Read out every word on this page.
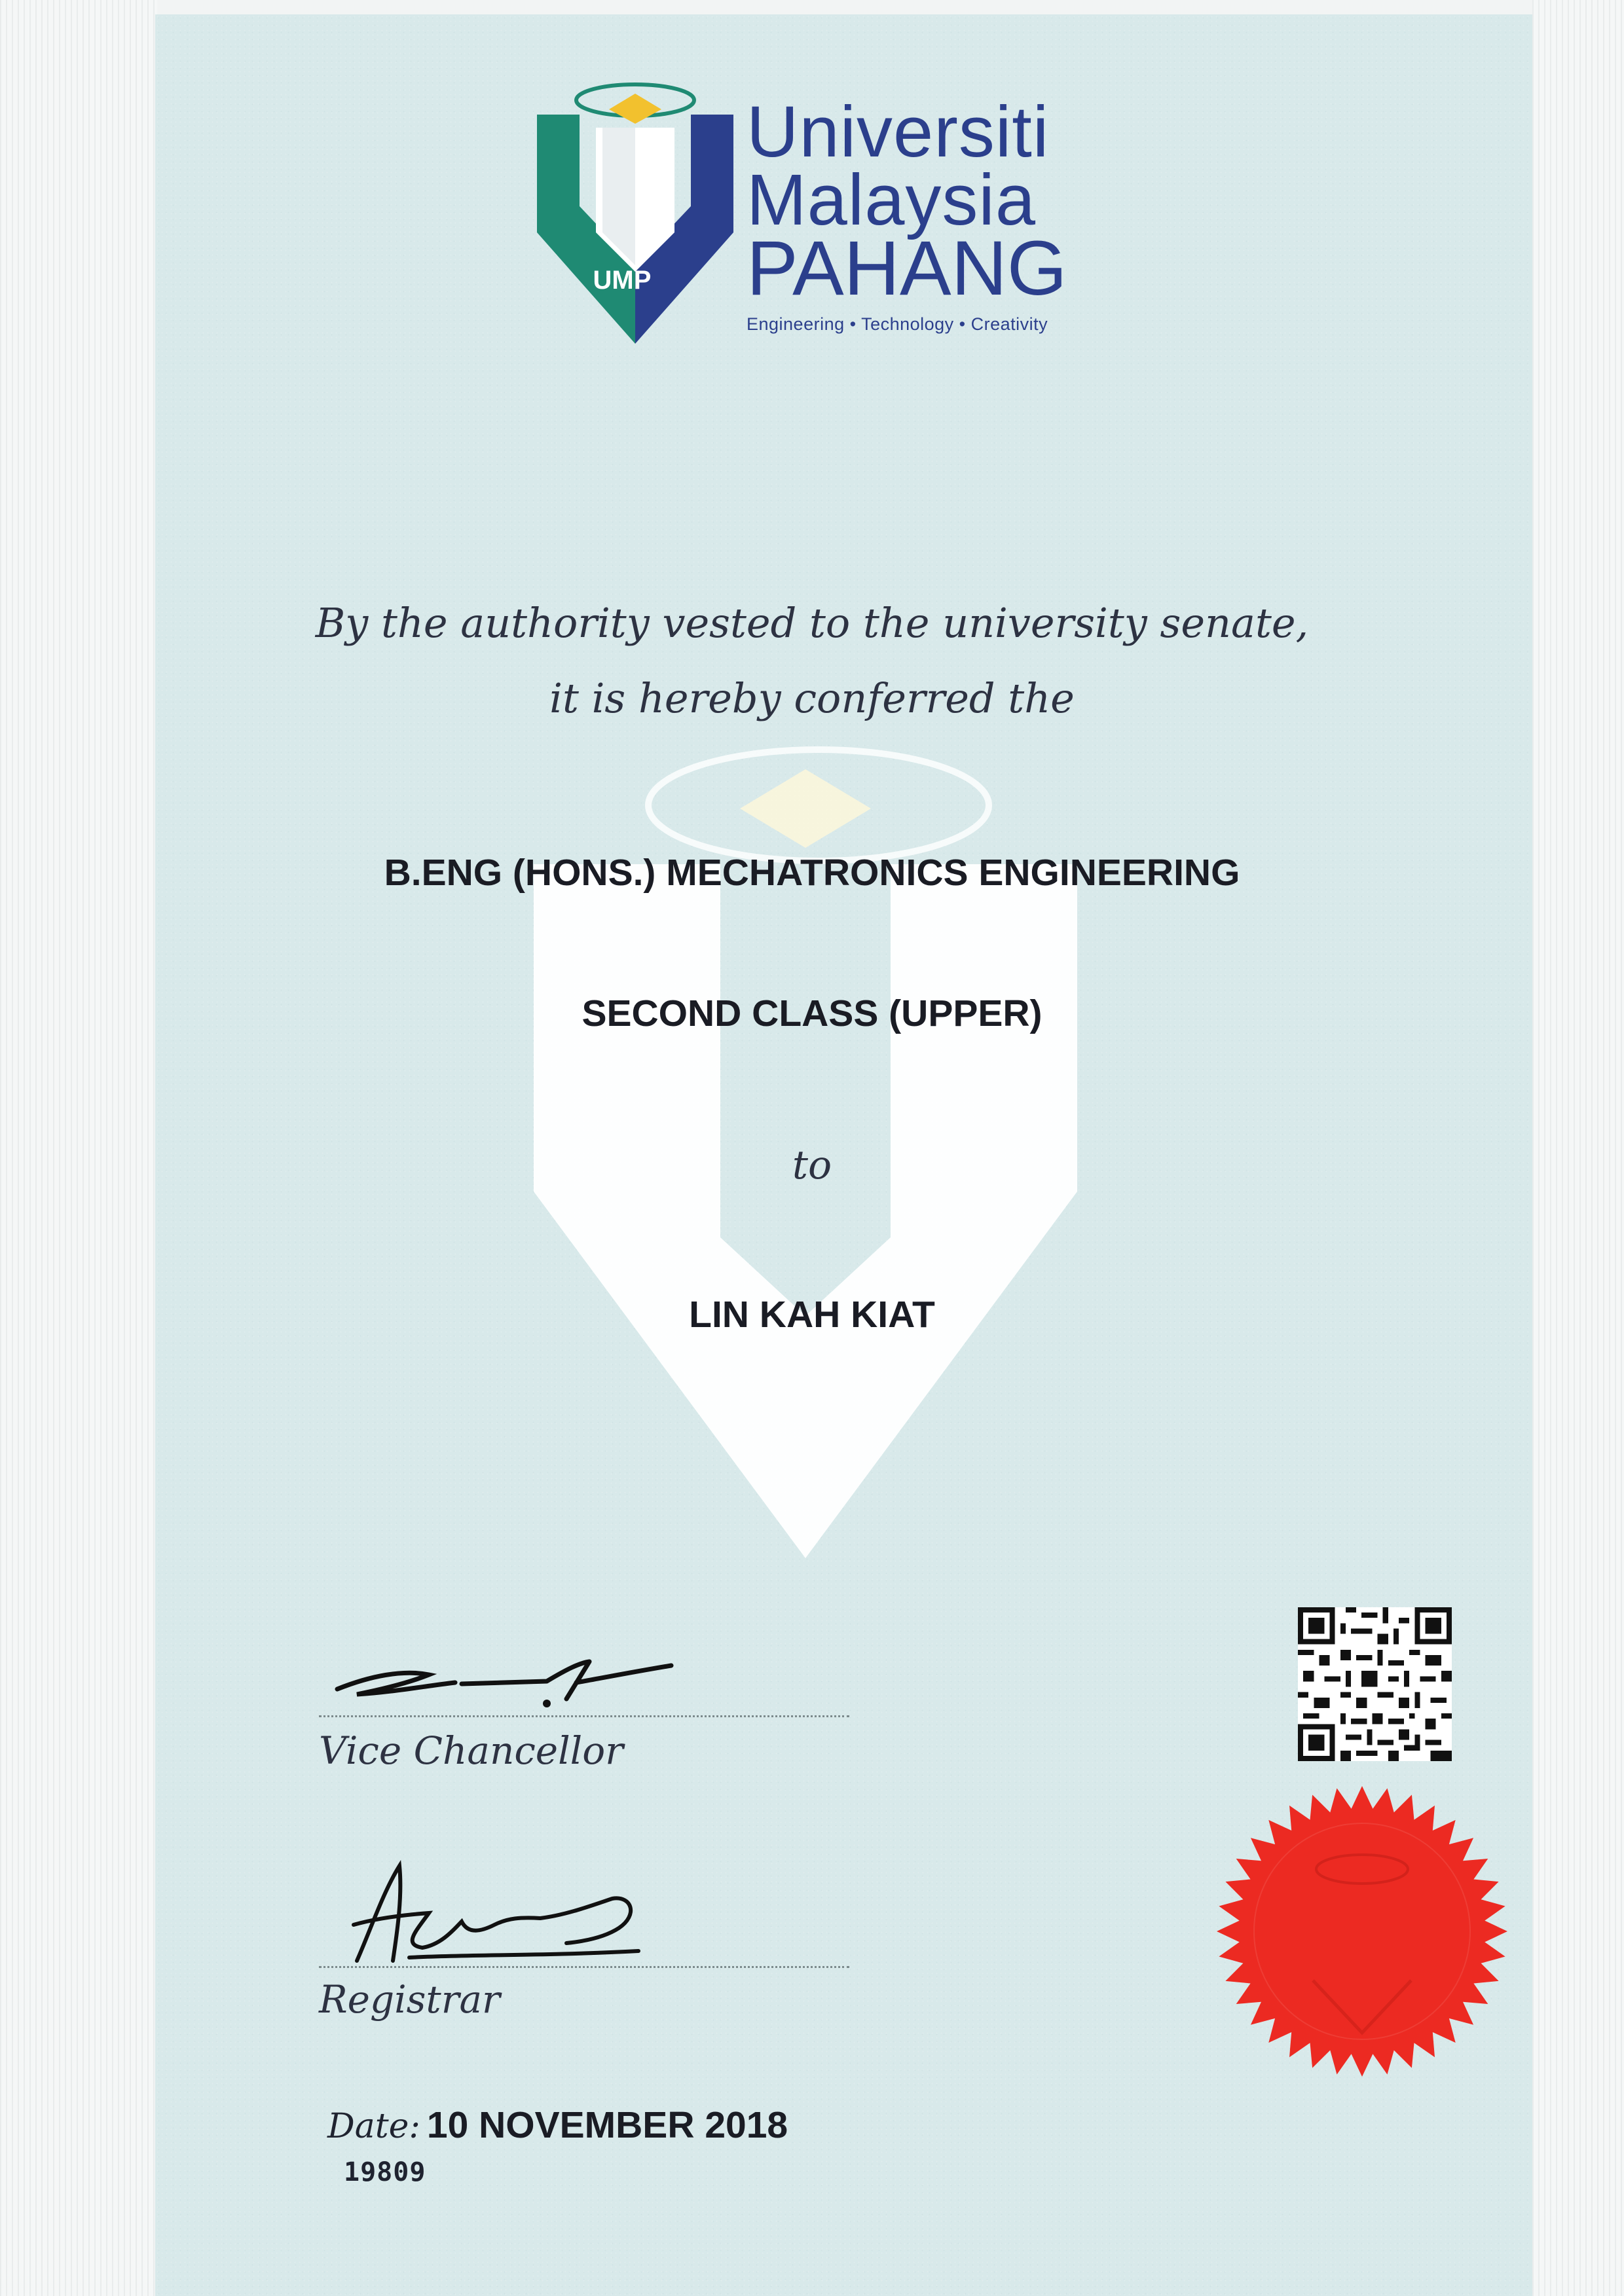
UMP
Universiti
Malaysia
PAHANG
Engineering • Technology • Creativity
By the authority vested to the university senate,
it is hereby conferred the
B.ENG (HONS.) MECHATRONICS ENGINEERING
SECOND CLASS (UPPER)
to
LIN KAH KIAT
Vice Chancellor
Registrar
Date: 10 NOVEMBER 2018
19809
